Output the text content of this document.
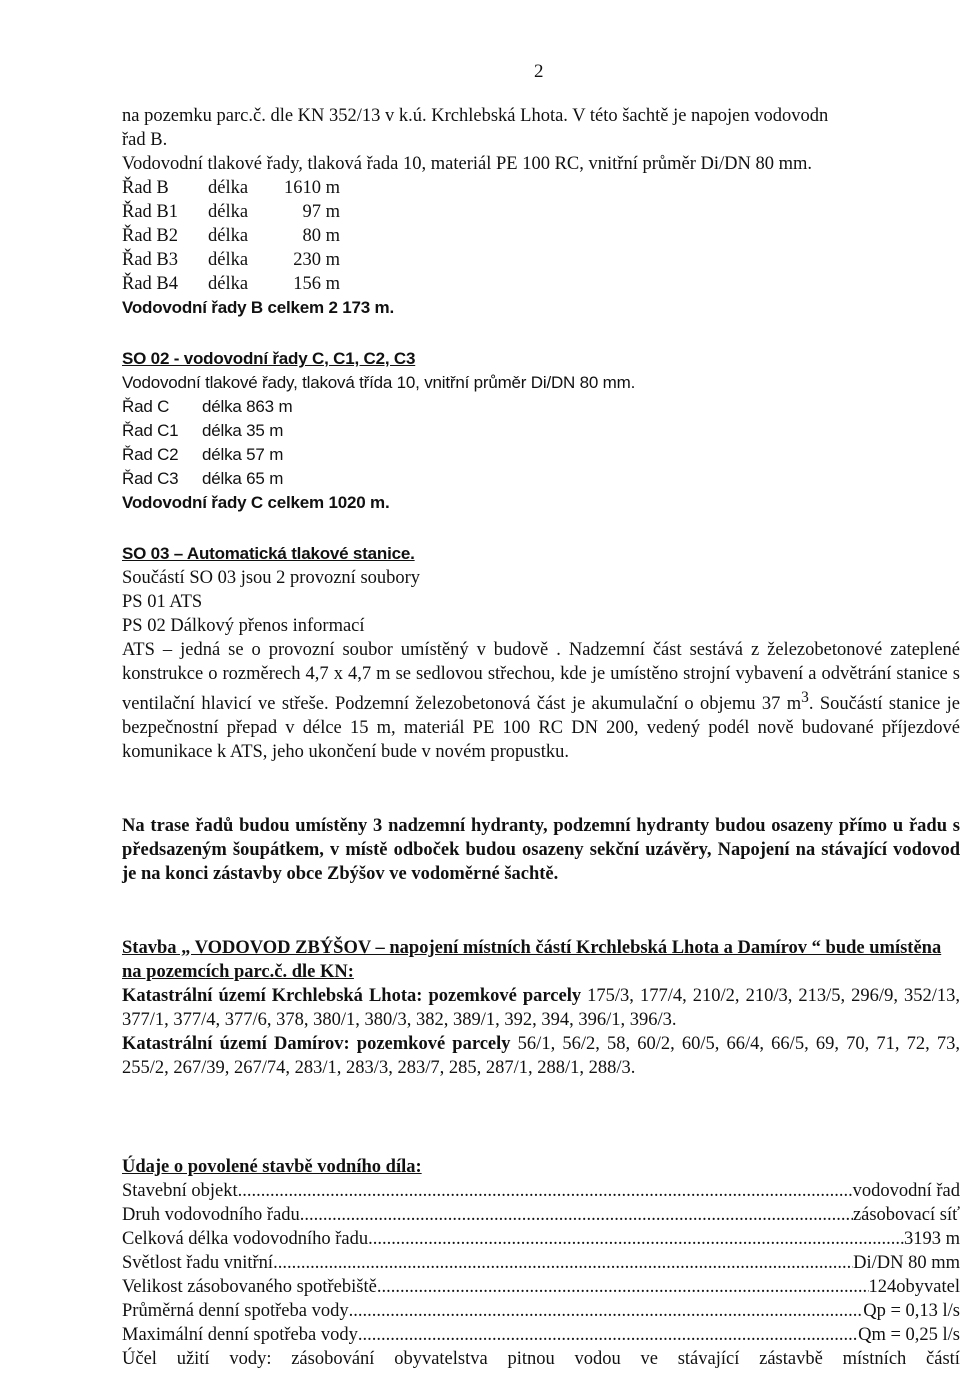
2
na pozemku parc.č. dle KN 352/13 v k.ú. Krchlebská Lhota. V této šachtě je napojen vodovodn
řad B.
Vodovodní tlakové řady, tlaková řada 10, materiál PE 100 RC, vnitřní průměr Di/DN 80 mm.
Řad B délka 1610 m
Řad B1 délka	97 m
Řad B2 délka	80 m
Řad B3 délka 230 m
Řad B4 délka 156 m
Vodovodní řady B celkem 2 173 m.
SO 02 - vodovodní řady C, C1, C2, C3
Vodovodní tlakové řady, tlaková třída 10, vnitřní průměr Di/DN 80 mm.
Řad C délka 863 m
Řad C1 délka 35 m
Řad C2 délka 57 m
Řad C3 délka 65 m
Vodovodní řady C celkem 1020 m.
SO 03 – Automatická tlakové stanice.
Součástí SO 03 jsou 2 provozní soubory
PS 01 ATS
PS 02 Dálkový přenos informací
ATS – jedná se o provozní soubor umístěný v budově . Nadzemní část sestává z železobetonové zateplené konstrukce o rozměrech 4,7 x 4,7 m se sedlovou střechou, kde je umístěno strojní vybavení a odvětrání stanice s ventilační hlavicí ve střeše. Podzemní železobetonová část je akumulační o objemu 37 $m^3$. Součástí stanice je bezpečnostní přepad v délce 15 m, materiál PE 100 RC DN 200, vedený podél nově budované příjezdové komunikace k ATS, jeho ukončení bude v novém propustku.
Na trase řadů budou umístěny 3 nadzemní hydranty, podzemní hydranty budou osazeny přímo u řadu s předsazeným šoupátkem, v místě odboček budou osazeny sekční uzávěry, Napojení na stávající vodovod je na konci zástavby obce Zbýšov ve vodoměrné šachtě.
Stavba „ VODOVOD ZBÝŠOV – napojení místních částí Krchlebská Lhota a Damírov “ bude umístěna na pozemcích parc.č. dle KN:
Katastrální území Krchlebská Lhota: pozemkové parcely 175/3, 177/4, 210/2, 210/3, 213/5, 296/9, 352/13, 377/1, 377/4, 377/6, 378, 380/1, 380/3, 382, 389/1, 392, 394, 396/1, 396/3.
Katastrální území Damírov: pozemkové parcely 56/1, 56/2, 58, 60/2, 60/5, 66/4, 66/5, 69, 70, 71, 72, 73, 255/2, 267/39, 267/74, 283/1, 283/3, 283/7, 285, 287/1, 288/1, 288/3.
Údaje o povolené stavbě vodního díla:
Stavební objekt .....	vodovodní řad
Druh vodovodního řadu .....	zásobovací síť
Celková délka vodovodního řadu .....	3193 m
Světlost řadu vnitřní .....	Di/DN 80 mm
Velikost zásobovaného spotřebiště .....	124obyvatel
Průměrná denní spotřeba vody .....	Qp = 0,13 l/s
Maximální denní spotřeba vody .....	Qm = 0,25 l/s
Účel užití vody: zásobování obyvatelstva pitnou vodou ve stávající zástavbě místních částí
